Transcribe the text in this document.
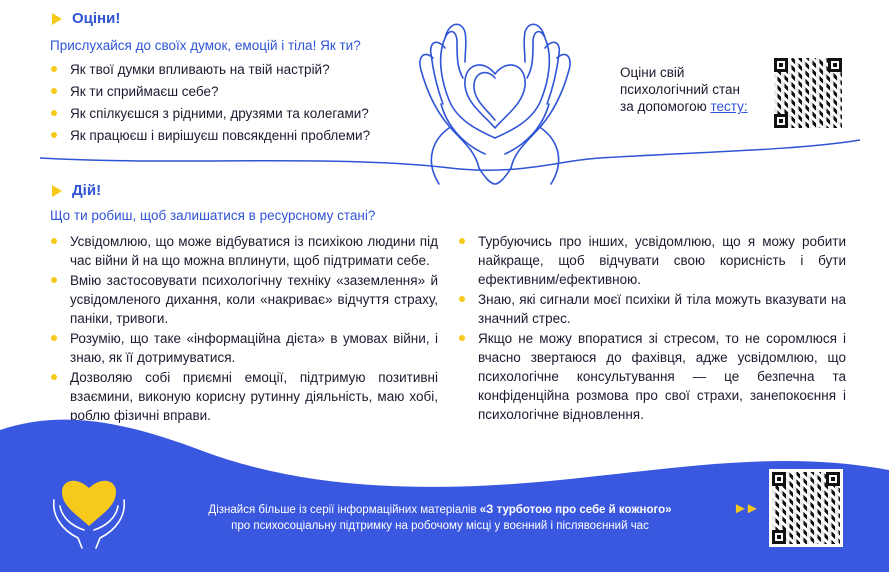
Оціни!
Прислухайся до своїх думок, емоцій і тіла! Як ти?
Як твої думки впливають на твій настрій?
Як ти сприймаєш себе?
Як спілкуєшся з рідними, друзями та колегами?
Як працюєш і вирішуєш повсякденні проблеми?
Оціни свій
психологічний стан
за допомогою тесту:
Дій!
Що ти робиш, щоб залишатися в ресурсному стані?
Усвідомлюю, що може відбуватися із психікою людини під час війни й на що можна вплинути, щоб підтримати себе.
Вмію застосовувати психологічну техніку «заземлення» й усвідомленого дихання, коли «накриває» відчуття страху, паніки, тривоги.
Розумію, що таке «інформаційна дієта» в умовах війни, і знаю, як її дотримуватися.
Дозволяю собі приємні емоції, підтримую позитивні взаємини, виконую корисну рутинну діяльність, маю хобі, роблю фізичні вправи.
Турбуючись про інших, усвідомлюю, що я можу робити найкраще, щоб відчувати свою корисність і бути ефективним/ефективною.
Знаю, які сигнали моєї психіки й тіла можуть вказувати на значний стрес.
Якщо не можу впоратися зі стресом, то не соромлюся і вчасно звертаюся до фахівця, адже усвідомлюю, що психологічне консультування — це безпечна та конфіденційна розмова про свої страхи, занепокоєння і психологічне відновлення.
Дізнайся більше із серії інформаційних матеріалів «З турботою про себе й кожного»
про психосоціальну підтримку на робочому місці у воєнний і післявоєнний час
►►
